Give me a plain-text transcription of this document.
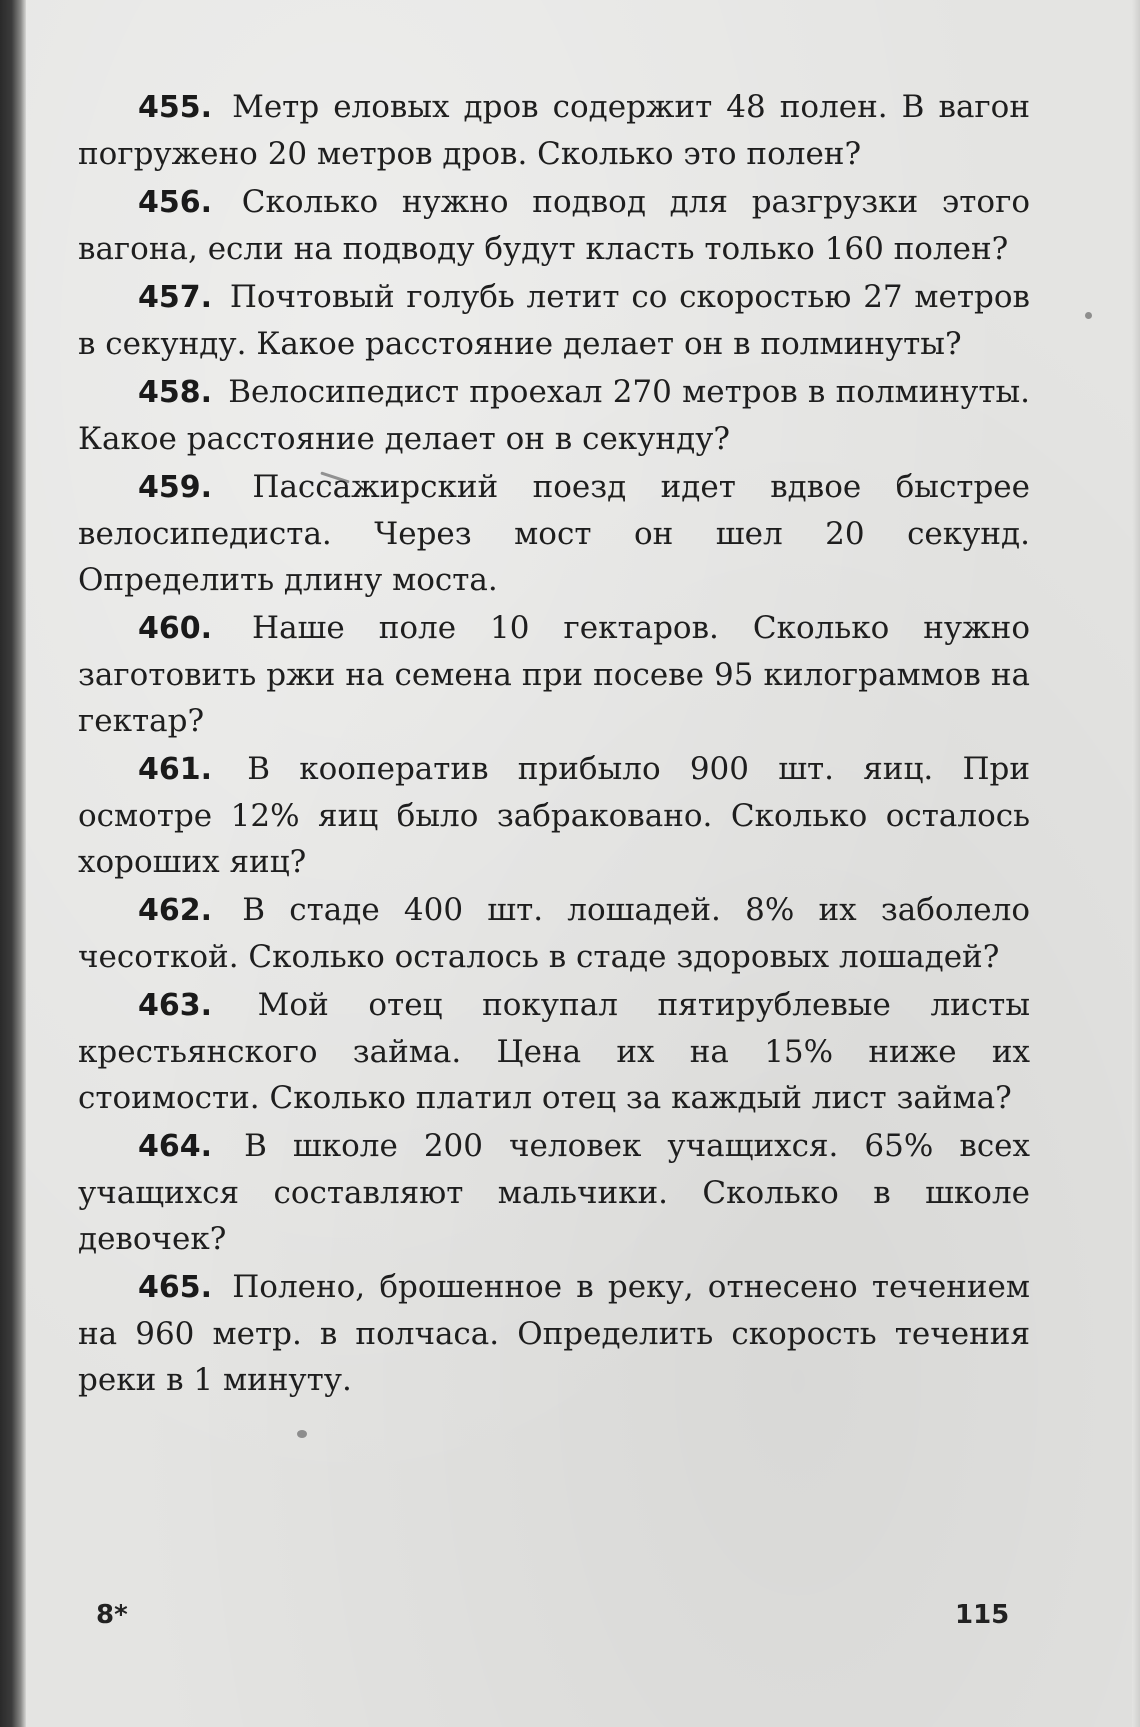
455. Метр еловых дров содержит 48 полен. В вагон погружено 20 метров дров. Сколько это полен?

456. Сколько нужно подвод для разгрузки этого вагона, если на подводу будут класть только 160 полен?

457. Почтовый голубь летит со скоростью 27 метров в секунду. Какое расстояние делает он в полминуты?

458. Велосипедист проехал 270 метров в полминуты. Какое расстояние делает он в секунду?

459. Пассажирский поезд идет вдвое быстрее велосипедиста. Через мост он шел 20 секунд. Определить длину моста.

460. Наше поле 10 гектаров. Сколько нужно заготовить ржи на семена при посеве 95 килограммов на гектар?

461. В кооператив прибыло 900 шт. яиц. При осмотре 12% яиц было забраковано. Сколько осталось хороших яиц?

462. В стаде 400 шт. лошадей. 8% их заболело чесоткой. Сколько осталось в стаде здоровых лошадей?

463. Мой отец покупал пятирублевые листы крестьянского займа. Цена их на 15% ниже их стоимости. Сколько платил отец за каждый лист займа?

464. В школе 200 человек учащихся. 65% всех учащихся составляют мальчики. Сколько в школе девочек?

465. Полено, брошенное в реку, отнесено течением на 960 метр. в полчаса. Определить скорость течения реки в 1 минуту.

8*	115
